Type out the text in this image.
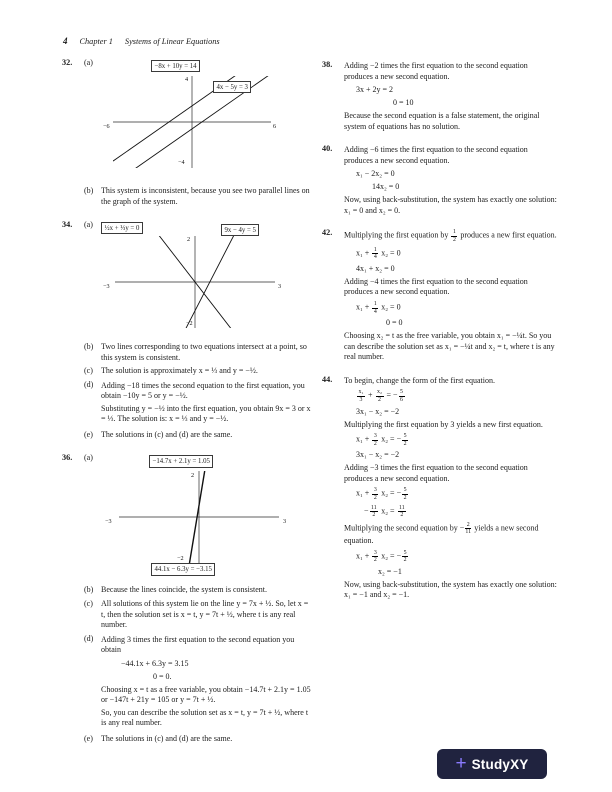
4 Chapter 1 Systems of Linear Equations
32.	(a)	−8x + 10y = 14
4x − 5y = 3
4
−4
−6	6
(b) This system is inconsistent, because you see two parallel lines on the graph of the system.
34.	(a)	½x + ⅓y = 0	9x − 4y = 5
2
−2
−3	3
(b) Two lines corresponding to two equations intersect at a point, so this system is consistent.
(c)	The solution is approximately x = ⅓ and y = −½.
(d) Adding −18 times the second equation to the first equation, you obtain −10y = 5 or y = −½.

Substituting y = −½ into the first equation, you obtain 9x = 3 or x = ⅓. The solution is: x = ⅓ and y = −½.

(e)	The solutions in (c) and (d) are the same.
36.	(a)	−14.7x + 2.1y = 1.05
44.1x − 6.3y = −3.15
2
−2
−3	3
(b) Because the lines coincide, the system is consistent.
(c)	All solutions of this system lie on the line y = 7x + ½. So, let x = t, then the solution set is x = t, y = 7t + ½, where t is any real number.
(d) Adding 3 times the first equation to the second equation you obtain

−44.1x + 6.3y = 3.15
0 = 0.

Choosing x = t as a free variable, you obtain −14.7t + 2.1y = 1.05 or −147t + 21y = 105 or y = 7t + ½.

So, you can describe the solution set as x = t, y = 7t + ½, where t is any real number.

(e)	The solutions in (c) and (d) are the same.
38.	Adding −2 times the first equation to the second equation produces a new second equation.

3x + 2y = 2
0 = 10

Because the second equation is a false statement, the original system of equations has no solution.

40.	Adding −6 times the first equation to the second equation produces a new second equation.

x₁ − 2x₂ = 0
14x₂ = 0

Now, using back-substitution, the system has exactly one solution: x₁ = 0 and x₂ = 0.

42.	Multiplying the first equation by $\frac{1}{2}$ produces a new first equation.

$x_1 + \frac{1}{4} x_2 = 0$
4x₁ + x₂ = 0

Adding −4 times the first equation to the second equation produces a new second equation.

$x_1 + \frac{1}{4} x_2 = 0$
0 = 0

Choosing x₂ = t as the free variable, you obtain x₁ = −¼t. So you can describe the solution set as x₁ = −¼t and x₂ = t, where t is any real number.

44.	To begin, change the form of the first equation.

$\frac{\text{x₁}}{3} + \frac{\text{x₂}}{2}$ = − $\frac{5}{6}$
3x₁ − x₂ = −2

Multiplying the first equation by 3 yields a new first equation.

$x_1 + \frac{3}{2} x_2$ = − $\frac{5}{2}$
3x₁ − x₂ = −2

Adding −3 times the first equation to the second equation produces a new second equation.

$x_1 + \frac{3}{2} x_2$ = − $\frac{5}{2}$
− $\frac{11}{2} x_2 = \frac{11}{2}$

Multiplying the second equation by − $\frac{2}{11}$ yields a new second equation.

$x_1 + \frac{3}{2} x_2$ = − $\frac{5}{2}$
x₂ = −1

Now, using back-substitution, the system has exactly one solution: x₁ = −1 and x₂ = −1.

+ StudyXY
